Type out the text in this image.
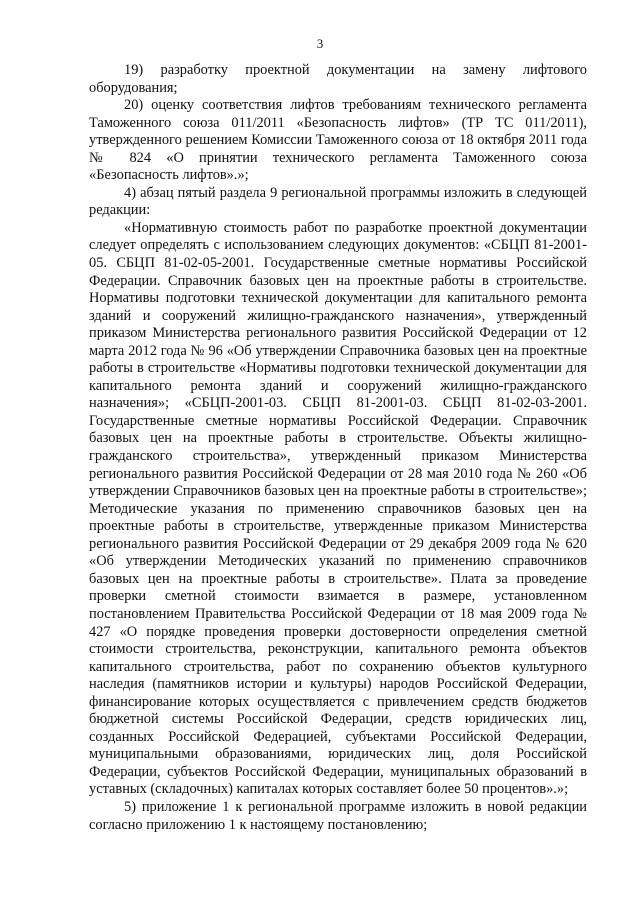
3

19) разработку проектной документации на замену лифтового оборудования;

20) оценку соответствия лифтов требованиям технического регламента Таможенного союза 011/2011 «Безопасность лифтов» (ТР ТС 011/2011), утвержденного решением Комиссии Таможенного союза от 18 октября 2011 года № 824 «О принятии технического регламента Таможенного союза «Безопасность лифтов».»;

4) абзац пятый раздела 9 региональной программы изложить в следующей редакции:

«Нормативную стоимость работ по разработке проектной документации следует определять с использованием следующих документов: «СБЦП 81-2001-05. СБЦП 81-02-05-2001. Государственные сметные нормативы Российской Федерации. Справочник базовых цен на проектные работы в строительстве. Нормативы подготовки технической документации для капитального ремонта зданий и сооружений жилищно-гражданского назначения», утвержденный приказом Министерства регионального развития Российской Федерации от 12 марта 2012 года № 96 «Об утверждении Справочника базовых цен на проектные работы в строительстве «Нормативы подготовки технической документации для капитального ремонта зданий и сооружений жилищно-гражданского назначения»; «СБЦП-2001-03. СБЦП 81-2001-03. СБЦП 81-02-03-2001. Государственные сметные нормативы Российской Федерации. Справочник базовых цен на проектные работы в строительстве. Объекты жилищно-гражданского строительства», утвержденный приказом Министерства регионального развития Российской Федерации от 28 мая 2010 года № 260 «Об утверждении Справочников базовых цен на проектные работы в строительстве»; Методические указания по применению справочников базовых цен на проектные работы в строительстве, утвержденные приказом Министерства регионального развития Российской Федерации от 29 декабря 2009 года № 620 «Об утверждении Методических указаний по применению справочников базовых цен на проектные работы в строительстве». Плата за проведение проверки сметной стоимости взимается в размере, установленном постановлением Правительства Российской Федерации от 18 мая 2009 года № 427 «О порядке проведения проверки достоверности определения сметной стоимости строительства, реконструкции, капитального ремонта объектов капитального строительства, работ по сохранению объектов культурного наследия (памятников истории и культуры) народов Российской Федерации, финансирование которых осуществляется с привлечением средств бюджетов бюджетной системы Российской Федерации, средств юридических лиц, созданных Российской Федерацией, субъектами Российской Федерации, муниципальными образованиями, юридических лиц, доля Российской Федерации, субъектов Российской Федерации, муниципальных образований в уставных (складочных) капиталах которых составляет более 50 процентов».»;

5) приложение 1 к региональной программе изложить в новой редакции согласно приложению 1 к настоящему постановлению;
